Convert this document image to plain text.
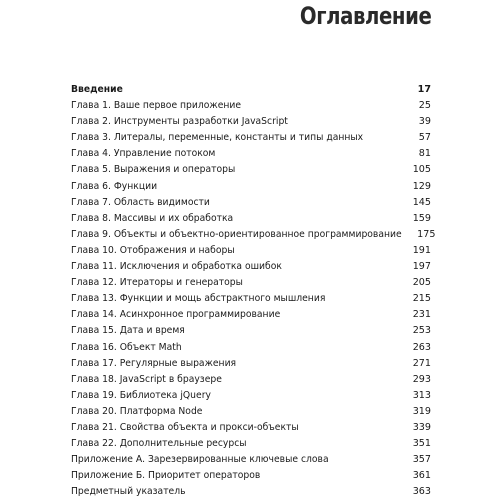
Оглавление
Введение	17
Глава 1. Ваше первое приложение	25
Глава 2. Инструменты разработки JavaScript	39
Глава 3. Литералы, переменные, константы и типы данных	57
Глава 4. Управление потоком	81
Глава 5. Выражения и операторы	105
Глава 6. Функции	129
Глава 7. Область видимости	145
Глава 8. Массивы и их обработка	159
Глава 9. Объекты и объектно-ориентированное программирование 175
Глава 10. Отображения и наборы	191
Глава 11. Исключения и обработка ошибок	197
Глава 12. Итераторы и генераторы	205
Глава 13. Функции и мощь абстрактного мышления	215
Глава 14. Асинхронное программирование	231
Глава 15. Дата и время	253
Глава 16. Объект Math	263
Глава 17. Регулярные выражения	271
Глава 18. JavaScript в браузере	293
Глава 19. Библиотека jQuery	313
Глава 20. Платформа Node	319
Глава 21. Свойства объекта и прокси-объекты	339
Глава 22. Дополнительные ресурсы	351
Приложение А. Зарезервированные ключевые слова	357
Приложение Б. Приоритет операторов	361
Предметный указатель	363
